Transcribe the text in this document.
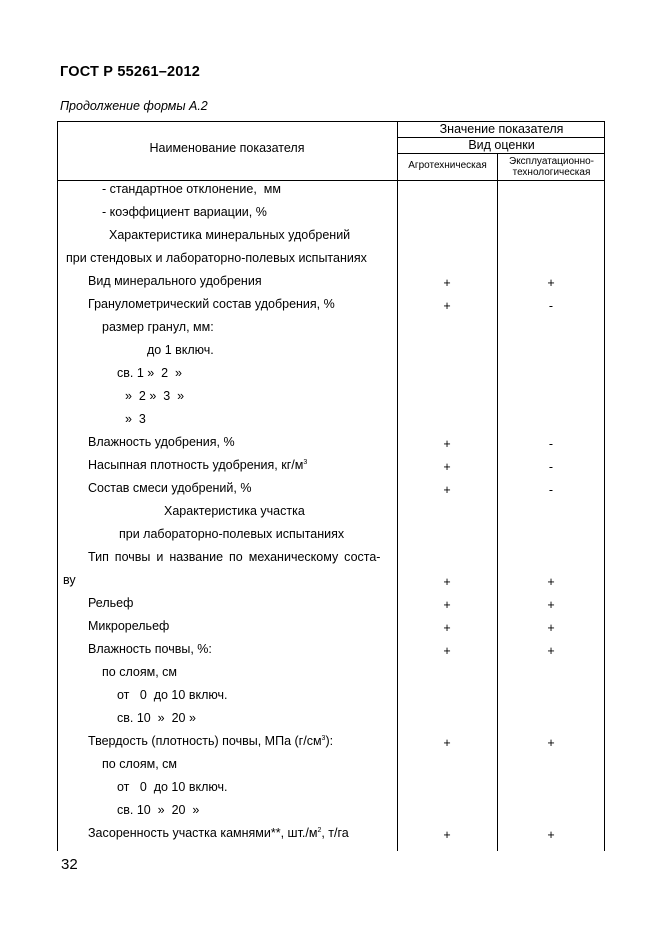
ГОСТ Р 55261–2012
Продолжение формы А.2
Наименование показателя
Значение показателя
Вид оценки
Агротехническая	Эксплуатационно-технологическая
- стандартное отклонение,  мм
- коэффициент вариации, %
Характеристика минеральных удобрений
при стендовых и лабораторно-полевых испытаниях
Вид минерального удобрения	+	+
Гранулометрический состав удобрения, %	+	-
размер гранул, мм:
до 1 включ.
св. 1 »  2  »
»  2 »  3  »
»  3
Влажность удобрения, %	+	-
Насыпная плотность удобрения, $кг/м^3$	+	-
Состав смеси удобрений, %	+	-
Характеристика участка
при лабораторно-полевых испытаниях
Тип почвы и название по механическому соста-
ву	+	+
Рельеф	+	+
Микрорельеф	+	+
Влажность почвы, %:	+	+
по слоям, см
от   0  до 10 включ.
св. 10  »  20 »
Твердость (плотность) почвы, МПа $(г/см^3)$:	+	+
по слоям, см
от   0  до 10 включ.
св. 10  »  20  »
Засоренность участка камнями**, $шт./м^2$, т/га	+	+
32
